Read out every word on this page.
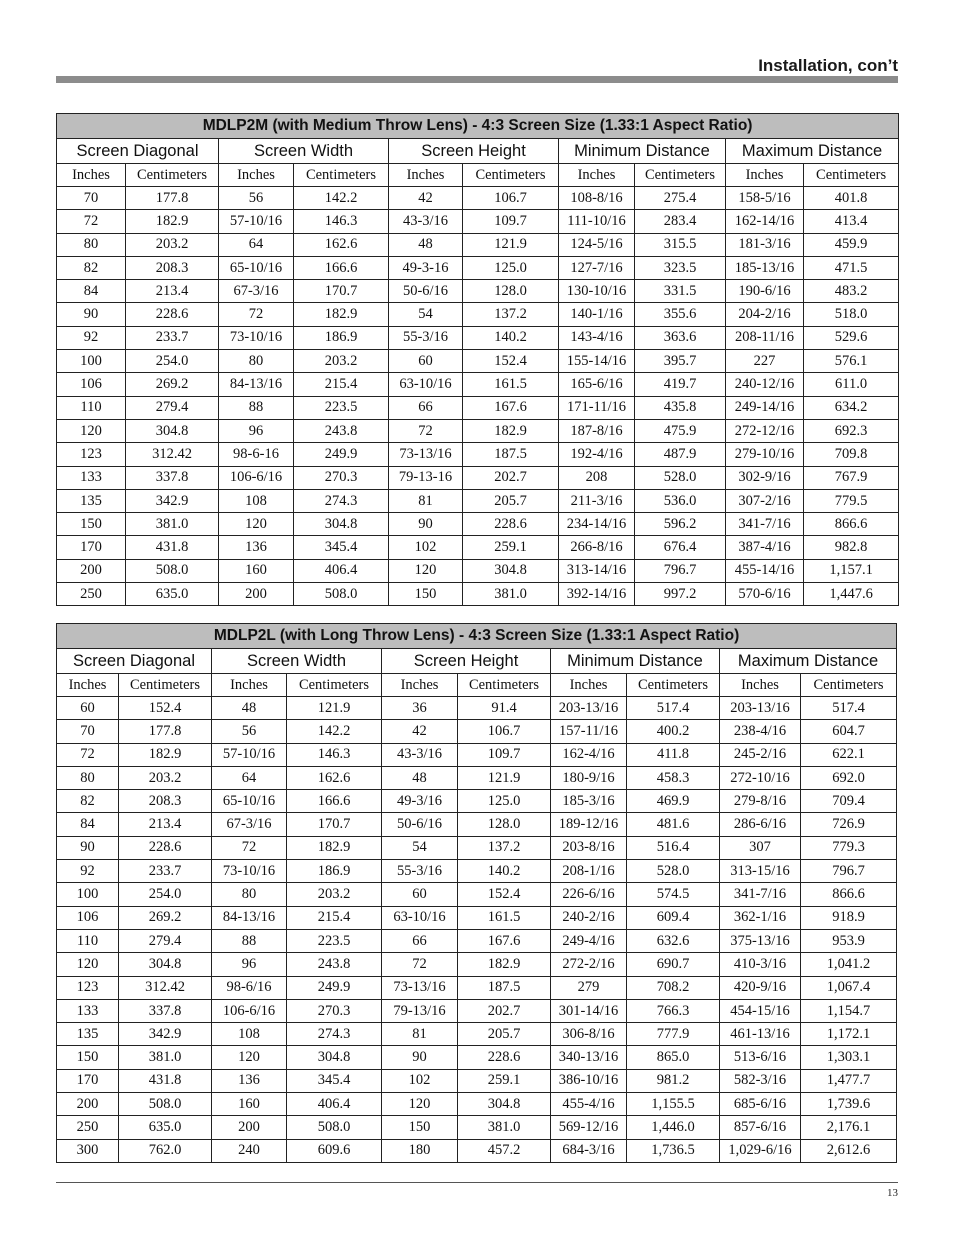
Installation, con’t
MDLP2M (with Medium Throw Lens) - 4:3 Screen Size (1.33:1 Aspect Ratio)									
Screen Diagonal		Screen Width		Screen Height		Minimum Distance		Maximum Distance	
Inches	Centimeters	Inches	Centimeters	Inches	Centimeters	Inches	Centimeters	Inches	Centimeters
70	177.8	56	142.2	42	106.7	108-8/16	275.4	158-5/16	401.8
72	182.9	57-10/16	146.3	43-3/16	109.7	111-10/16	283.4	162-14/16	413.4
80	203.2	64	162.6	48	121.9	124-5/16	315.5	181-3/16	459.9
82	208.3	65-10/16	166.6	49-3-16	125.0	127-7/16	323.5	185-13/16	471.5
84	213.4	67-3/16	170.7	50-6/16	128.0	130-10/16	331.5	190-6/16	483.2
90	228.6	72	182.9	54	137.2	140-1/16	355.6	204-2/16	518.0
92	233.7	73-10/16	186.9	55-3/16	140.2	143-4/16	363.6	208-11/16	529.6
100	254.0	80	203.2	60	152.4	155-14/16	395.7	227	576.1
106	269.2	84-13/16	215.4	63-10/16	161.5	165-6/16	419.7	240-12/16	611.0
110	279.4	88	223.5	66	167.6	171-11/16	435.8	249-14/16	634.2
120	304.8	96	243.8	72	182.9	187-8/16	475.9	272-12/16	692.3
123	312.42	98-6-16	249.9	73-13/16	187.5	192-4/16	487.9	279-10/16	709.8
133	337.8	106-6/16	270.3	79-13-16	202.7	208	528.0	302-9/16	767.9
135	342.9	108	274.3	81	205.7	211-3/16	536.0	307-2/16	779.5
150	381.0	120	304.8	90	228.6	234-14/16	596.2	341-7/16	866.6
170	431.8	136	345.4	102	259.1	266-8/16	676.4	387-4/16	982.8
200	508.0	160	406.4	120	304.8	313-14/16	796.7	455-14/16	1,157.1
250	635.0	200	508.0	150	381.0	392-14/16	997.2	570-6/16	1,447.6
MDLP2L (with Long Throw Lens) - 4:3 Screen Size (1.33:1 Aspect Ratio)									
Screen Diagonal		Screen Width		Screen Height		Minimum Distance		Maximum Distance	
Inches	Centimeters	Inches	Centimeters	Inches	Centimeters	Inches	Centimeters	Inches	Centimeters
60	152.4	48	121.9	36	91.4	203-13/16	517.4	203-13/16	517.4
70	177.8	56	142.2	42	106.7	157-11/16	400.2	238-4/16	604.7
72	182.9	57-10/16	146.3	43-3/16	109.7	162-4/16	411.8	245-2/16	622.1
80	203.2	64	162.6	48	121.9	180-9/16	458.3	272-10/16	692.0
82	208.3	65-10/16	166.6	49-3/16	125.0	185-3/16	469.9	279-8/16	709.4
84	213.4	67-3/16	170.7	50-6/16	128.0	189-12/16	481.6	286-6/16	726.9
90	228.6	72	182.9	54	137.2	203-8/16	516.4	307	779.3
92	233.7	73-10/16	186.9	55-3/16	140.2	208-1/16	528.0	313-15/16	796.7
100	254.0	80	203.2	60	152.4	226-6/16	574.5	341-7/16	866.6
106	269.2	84-13/16	215.4	63-10/16	161.5	240-2/16	609.4	362-1/16	918.9
110	279.4	88	223.5	66	167.6	249-4/16	632.6	375-13/16	953.9
120	304.8	96	243.8	72	182.9	272-2/16	690.7	410-3/16	1,041.2
123	312.42	98-6/16	249.9	73-13/16	187.5	279	708.2	420-9/16	1,067.4
133	337.8	106-6/16	270.3	79-13/16	202.7	301-14/16	766.3	454-15/16	1,154.7
135	342.9	108	274.3	81	205.7	306-8/16	777.9	461-13/16	1,172.1
150	381.0	120	304.8	90	228.6	340-13/16	865.0	513-6/16	1,303.1
170	431.8	136	345.4	102	259.1	386-10/16	981.2	582-3/16	1,477.7
200	508.0	160	406.4	120	304.8	455-4/16	1,155.5	685-6/16	1,739.6
250	635.0	200	508.0	150	381.0	569-12/16	1,446.0	857-6/16	2,176.1
300	762.0	240	609.6	180	457.2	684-3/16	1,736.5	1,029-6/16	2,612.6
13
